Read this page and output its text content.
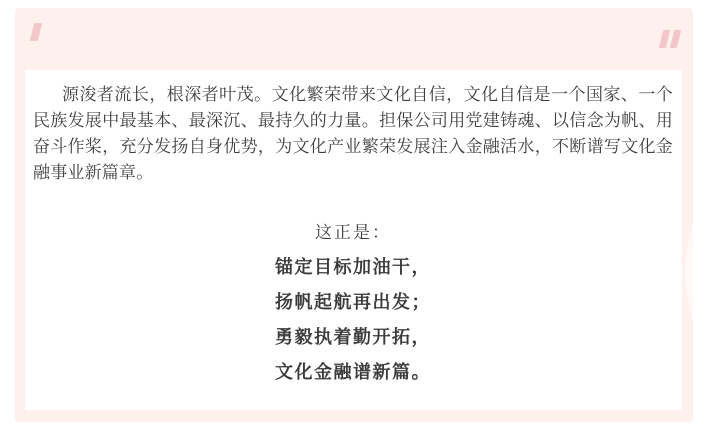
源浚者流长，根深者叶茂。文化繁荣带来文化自信，文化自信是一个国家、一个民族发展中最基本、最深沉、最持久的力量。担保公司用党建铸魂、以信念为帆、用奋斗作桨，充分发扬自身优势，为文化产业繁荣发展注入金融活水，不断谱写文化金融事业新篇章。

这正是：

锚定目标加油干，

扬帆起航再出发；

勇毅执着勤开拓，

文化金融谱新篇。
